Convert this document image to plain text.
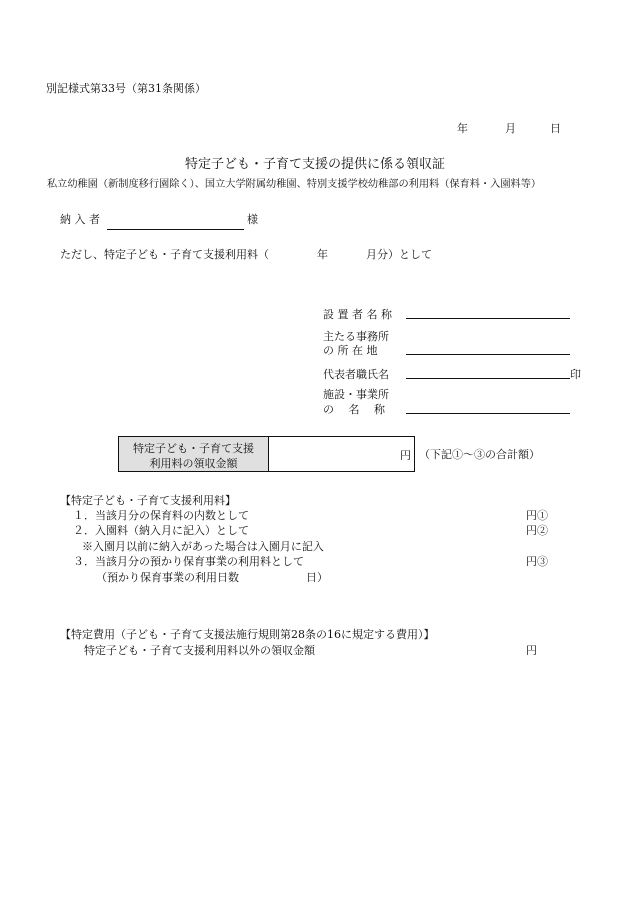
別記様式第33号（第31条関係）
年	月	日
特定子ども・子育て支援の提供に係る領収証
私立幼稚園（新制度移行園除く）、国立大学附属幼稚園、特別支援学校幼稚部の利用料（保育料・入園料等）
納 入 者	様
ただし、特定子ども・子育て支援利用料（	年	月分）として
設 置 者 名 称
主たる事務所
の 所 在 地
代表者職氏名	印
施設・事業所
の 　名 　称
特定子ども・子育て支援
利用料の領収金額
円 （下記①～③の合計額）
【特定子ども・子育て支援利用料】
１．当該月分の保育料の内数として	円①
２．入園料（納入月に記入）として	円②
※入園月以前に納入があった場合は入園月に記入
３．当該月分の預かり保育事業の利用料として	円③
（預かり保育事業の利用日数	日）
【特定費用（子ども・子育て支援法施行規則第28条の16に規定する費用）】
特定子ども・子育て支援利用料以外の領収金額	円
